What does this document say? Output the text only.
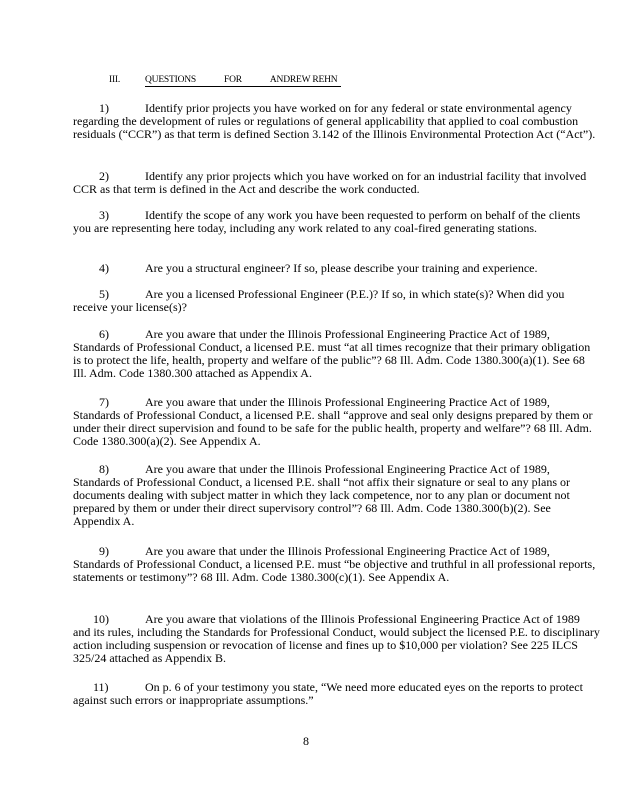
III.	QUESTIONS	FOR	ANDREW REHN
1)	Identify prior projects you have worked on for any federal or state environmental agency regarding the development of rules or regulations of general applicability that applied to coal combustion residuals (“CCR”) as that term is defined Section 3.142 of the Illinois Environmental Protection Act (“Act”).
2)	Identify any prior projects which you have worked on for an industrial facility that involved CCR as that term is defined in the Act and describe the work conducted.
3)	Identify the scope of any work you have been requested to perform on behalf of the clients you are representing here today, including any work related to any coal-fired generating stations.
4)	Are you a structural engineer? If so, please describe your training and experience.
5)	Are you a licensed Professional Engineer (P.E.)? If so, in which state(s)? When did you receive your license(s)?
6)	Are you aware that under the Illinois Professional Engineering Practice Act of 1989, Standards of Professional Conduct, a licensed P.E. must “at all times recognize that their primary obligation is to protect the life, health, property and welfare of the public”? 68 Ill. Adm. Code 1380.300(a)(1). See 68 Ill. Adm. Code 1380.300 attached as Appendix A.
7)	Are you aware that under the Illinois Professional Engineering Practice Act of 1989, Standards of Professional Conduct, a licensed P.E. shall “approve and seal only designs prepared by them or under their direct supervision and found to be safe for the public health, property and welfare”? 68 Ill. Adm. Code 1380.300(a)(2). See Appendix A.
8)	Are you aware that under the Illinois Professional Engineering Practice Act of 1989, Standards of Professional Conduct, a licensed P.E. shall “not affix their signature or seal to any plans or documents dealing with subject matter in which they lack competence, nor to any plan or document not prepared by them or under their direct supervisory control”? 68 Ill. Adm. Code 1380.300(b)(2). See Appendix A.
9)	Are you aware that under the Illinois Professional Engineering Practice Act of 1989, Standards of Professional Conduct, a licensed P.E. must “be objective and truthful in all professional reports, statements or testimony”? 68 Ill. Adm. Code 1380.300(c)(1). See Appendix A.
10)	Are you aware that violations of the Illinois Professional Engineering Practice Act of 1989 and its rules, including the Standards for Professional Conduct, would subject the licensed P.E. to disciplinary action including suspension or revocation of license and fines up to $10,000 per violation? See 225 ILCS 325/24 attached as Appendix B.
11)	On p. 6 of your testimony you state, “We need more educated eyes on the reports to protect against such errors or inappropriate assumptions.”
8
